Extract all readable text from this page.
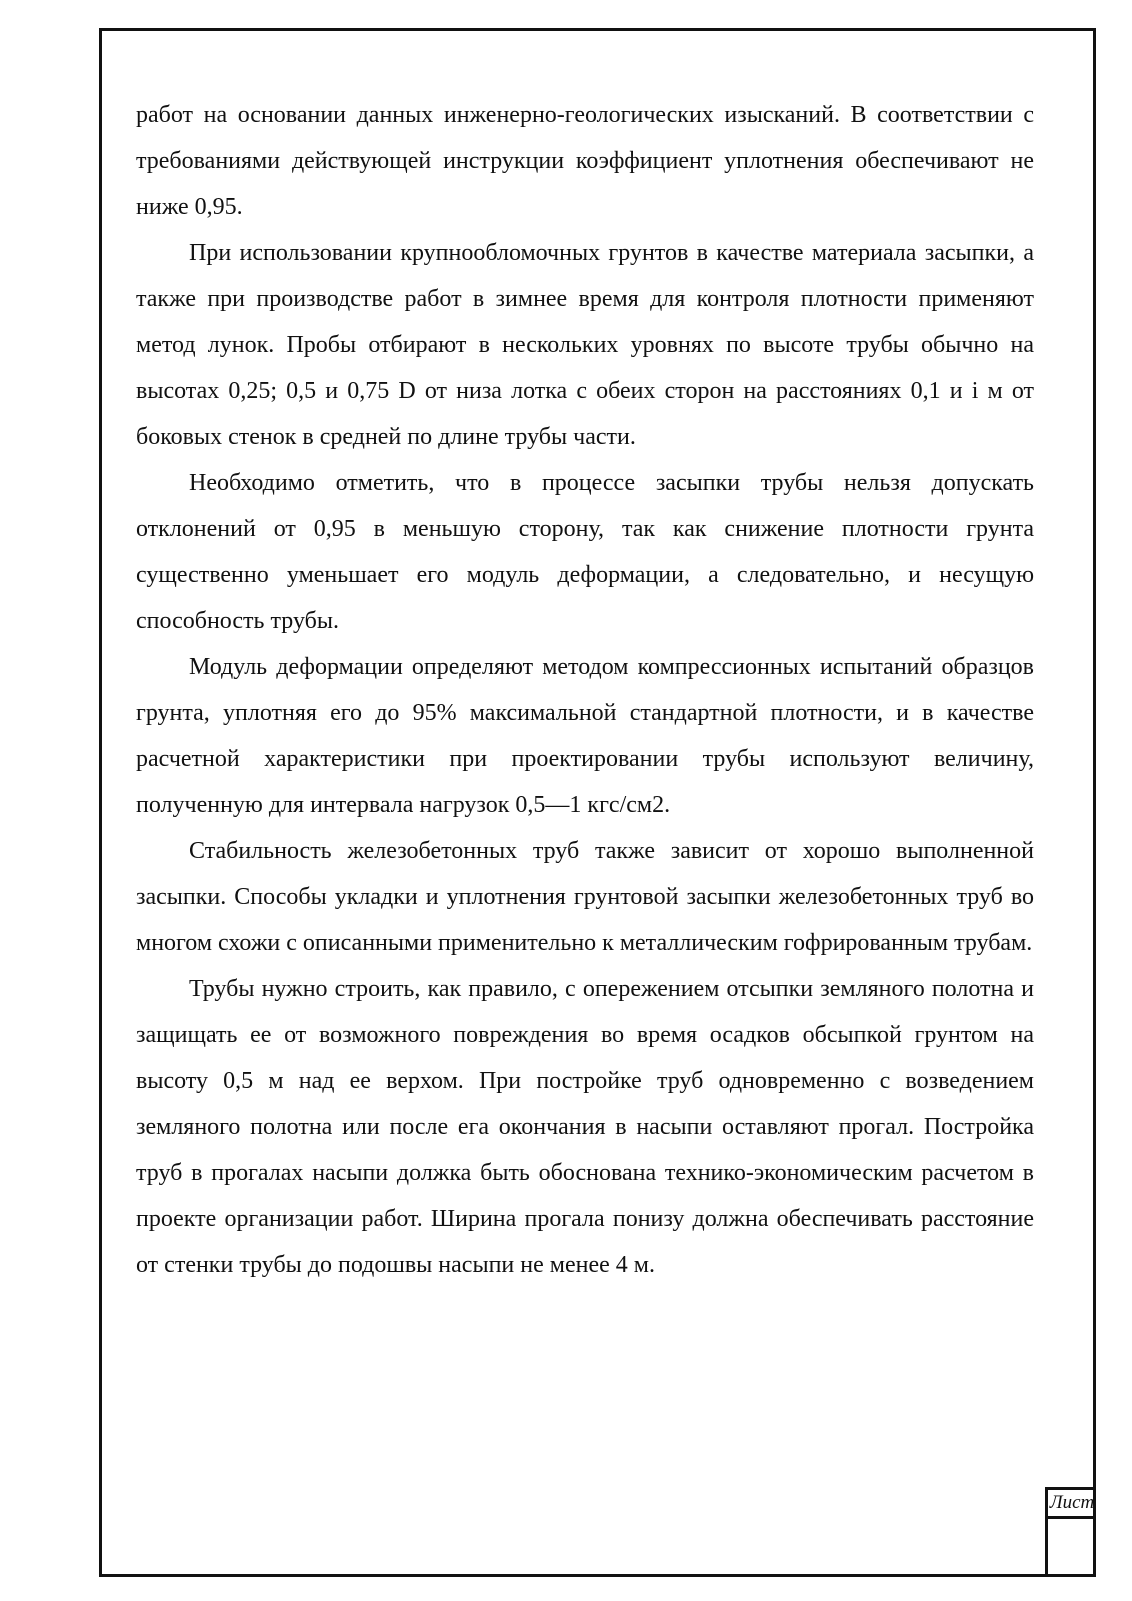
работ на основании данных инженерно-геологических изысканий. В соответствии с требованиями действующей инструкции коэффициент уплотнения обеспечивают не ниже 0,95.

При использовании крупнообломочных грунтов в качестве материала засыпки, а также при производстве работ в зимнее время для контроля плотности применяют метод лунок. Пробы отбирают в нескольких уровнях по высоте трубы обычно на высотах 0,25; 0,5 и 0,75 D от низа лотка с обеих сторон на расстояниях 0,1 и i м от боковых стенок в средней по длине трубы части.

Необходимо отметить, что в процессе засыпки трубы нельзя допускать отклонений от 0,95 в меньшую сторону, так как снижение плотности грунта существенно уменьшает его модуль деформации, а следовательно, и несущую способность трубы.

Модуль деформации определяют методом компрессионных испытаний образцов грунта, уплотняя его до 95% максимальной стандартной плотности, и в качестве расчетной характеристики при проектировании трубы используют величину, полученную для интервала нагрузок 0,5—1 кгс/см2.

Стабильность железобетонных труб также зависит от хорошо выполненной засыпки. Способы укладки и уплотнения грунтовой засыпки железобетонных труб во многом схожи с описанными применительно к металлическим гофрированным трубам.

Трубы нужно строить, как правило, с опережением отсыпки земляного полотна и защищать ее от возможного повреждения во время осадков обсыпкой грунтом на высоту 0,5 м над ее верхом. При постройке труб одновременно с возведением земляного полотна или после ега окончания в насыпи оставляют прогал. Постройка труб в прогалах насыпи должка быть обоснована технико-экономическим расчетом в проекте организации работ. Ширина прогала понизу должна обеспечивать расстояние от стенки трубы до подошвы насыпи не менее 4 м.

Лист
